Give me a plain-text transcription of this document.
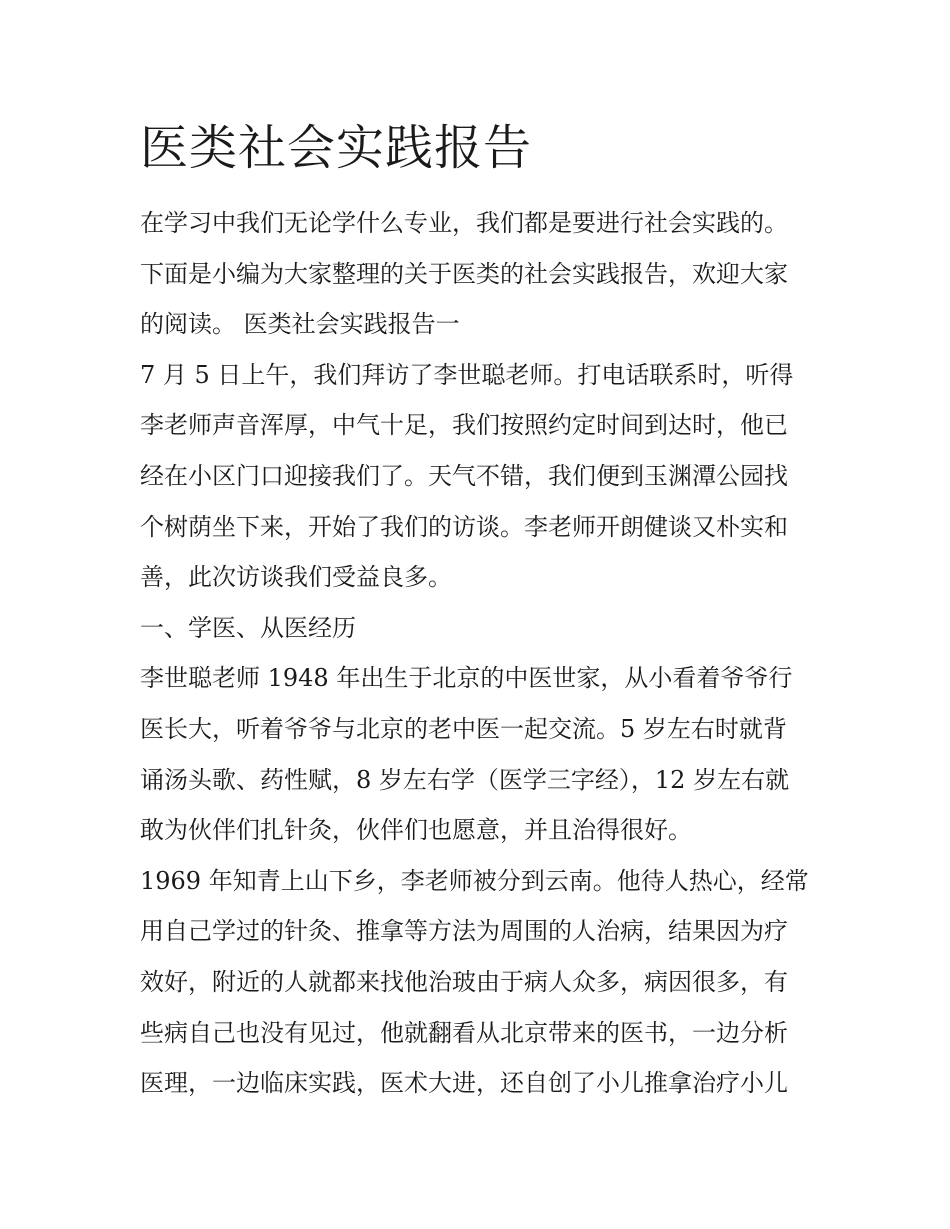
医类社会实践报告
在学习中我们无论学什么专业，我们都是要进行社会实践的。
下面是小编为大家整理的关于医类的社会实践报告，欢迎大家
的阅读。 医类社会实践报告一
7 月 5 日上午，我们拜访了李世聪老师。打电话联系时，听得
李老师声音浑厚，中气十足，我们按照约定时间到达时，他已
经在小区门口迎接我们了。天气不错，我们便到玉渊潭公园找
个树荫坐下来，开始了我们的访谈。李老师开朗健谈又朴实和
善，此次访谈我们受益良多。
一、学医、从医经历
李世聪老师 1948 年出生于北京的中医世家，从小看着爷爷行
医长大，听着爷爷与北京的老中医一起交流。5 岁左右时就背
诵汤头歌、药性赋，8 岁左右学（医学三字经），12 岁左右就
敢为伙伴们扎针灸，伙伴们也愿意，并且治得很好。
1969 年知青上山下乡，李老师被分到云南。他待人热心，经常
用自己学过的针灸、推拿等方法为周围的人治病，结果因为疗
效好，附近的人就都来找他治玻由于病人众多，病因很多，有
些病自己也没有见过，他就翻看从北京带来的医书，一边分析
医理，一边临床实践，医术大进，还自创了小儿推拿治疗小儿
